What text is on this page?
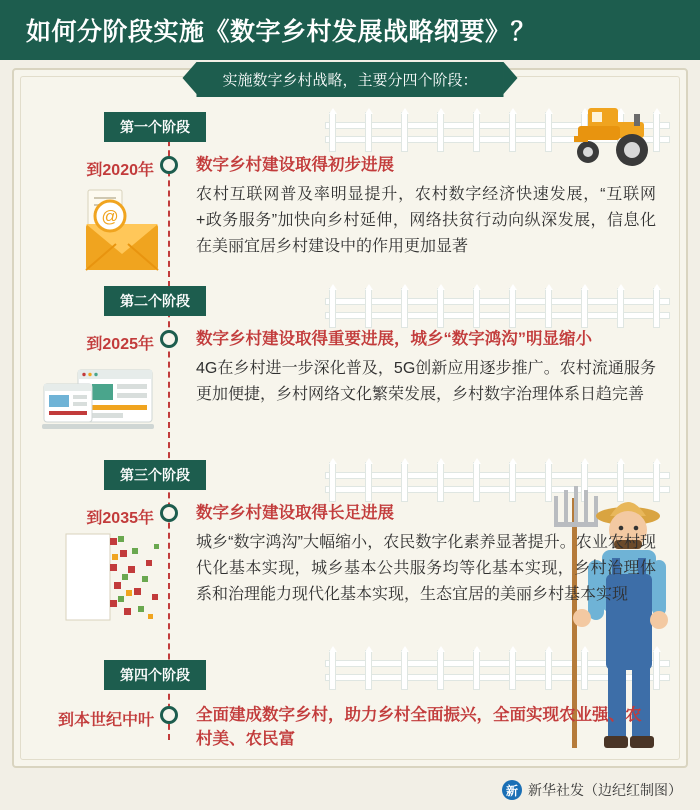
如何分阶段实施《数字乡村发展战略纲要》？
实施数字乡村战略，主要分四个阶段：
第一个阶段
到2020年	数字乡村建设取得初步进展
农村互联网普及率明显提升，农村数字经济快速发展，“互联网+政务服务”加快向乡村延伸，网络扶贫行动向纵深发展，信息化在美丽宜居乡村建设中的作用更加显著
@
第二个阶段
到2025年	数字乡村建设取得重要进展，城乡“数字鸿沟”明显缩小
4G在乡村进一步深化普及，5G创新应用逐步推广。农村流通服务更加便捷，乡村网络文化繁荣发展，乡村数字治理体系日趋完善
第三个阶段
到2035年	数字乡村建设取得长足进展
城乡“数字鸿沟”大幅缩小，农民数字化素养显著提升。农业农村现代化基本实现，城乡基本公共服务均等化基本实现，乡村治理体系和治理能力现代化基本实现，生态宜居的美丽乡村基本实现
第四个阶段
到本世纪中叶	全面建成数字乡村，助力乡村全面振兴，全面实现农业强、农村美、农民富
新 新华社发（边纪红制图）
